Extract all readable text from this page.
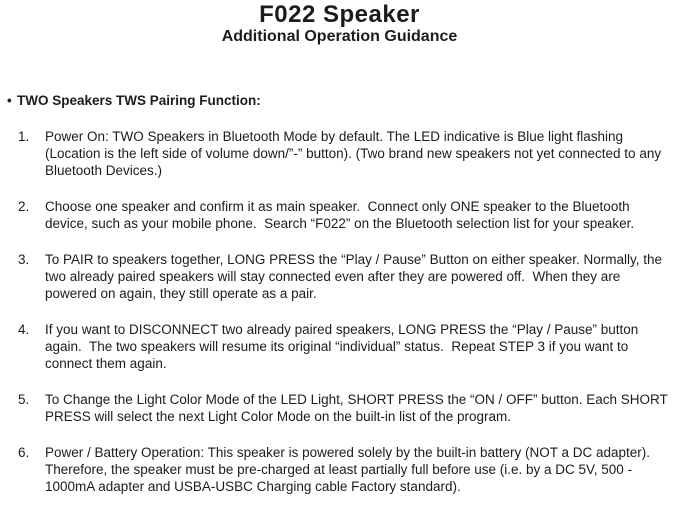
F022 Speaker
Additional Operation Guidance
• TWO Speakers TWS Pairing Function:
1.	Power On: TWO Speakers in Bluetooth Mode by default. The LED indicative is Blue light flashing (Location is the left side of volume down/”-” button). (Two brand new speakers not yet connected to any Bluetooth Devices.)
2.	Choose one speaker and confirm it as main speaker.  Connect only ONE speaker to the Bluetooth device, such as your mobile phone.  Search “F022” on the Bluetooth selection list for your speaker.
3.	To PAIR to speakers together, LONG PRESS the “Play / Pause” Button on either speaker. Normally, the two already paired speakers will stay connected even after they are powered off.  When they are powered on again, they still operate as a pair.
4.	If you want to DISCONNECT two already paired speakers, LONG PRESS the “Play / Pause” button again.  The two speakers will resume its original “individual” status.  Repeat STEP 3 if you want to connect them again.
5.	To Change the Light Color Mode of the LED Light, SHORT PRESS the “ON / OFF” button. Each SHORT PRESS will select the next Light Color Mode on the built-in list of the program.
6.	Power / Battery Operation: This speaker is powered solely by the built-in battery (NOT a DC adapter). Therefore, the speaker must be pre-charged at least partially full before use (i.e. by a DC 5V, 500 - 1000mA adapter and USBA-USBC Charging cable Factory standard).
